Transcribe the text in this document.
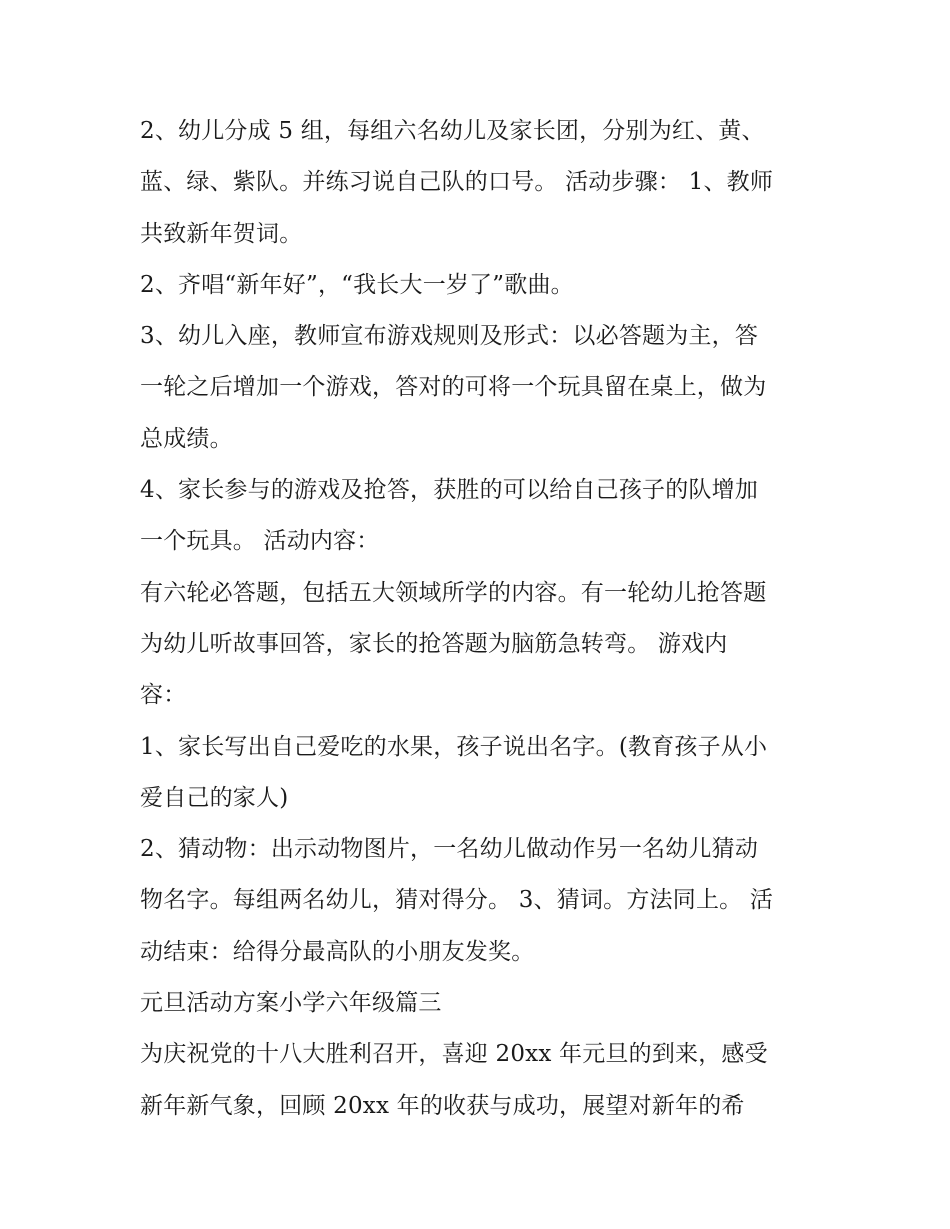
2、幼儿分成 5 组，每组六名幼儿及家长团，分别为红、黄、
蓝、绿、紫队。并练习说自己队的口号。 活动步骤： 1、教师
共致新年贺词。
2、齐唱“新年好”，“我长大一岁了”歌曲。
3、幼儿入座，教师宣布游戏规则及形式：以必答题为主，答
一轮之后增加一个游戏，答对的可将一个玩具留在桌上，做为
总成绩。
4、家长参与的游戏及抢答，获胜的可以给自己孩子的队增加
一个玩具。 活动内容：
有六轮必答题，包括五大领域所学的内容。有一轮幼儿抢答题
为幼儿听故事回答，家长的抢答题为脑筋急转弯。 游戏内
容：
1、家长写出自己爱吃的水果，孩子说出名字。(教育孩子从小
爱自己的家人)
2、猜动物：出示动物图片，一名幼儿做动作另一名幼儿猜动
物名字。每组两名幼儿，猜对得分。 3、猜词。方法同上。 活
动结束：给得分最高队的小朋友发奖。
元旦活动方案小学六年级篇三
为庆祝党的十八大胜利召开，喜迎 20xx 年元旦的到来，感受
新年新气象，回顾 20xx 年的收获与成功，展望对新年的希
